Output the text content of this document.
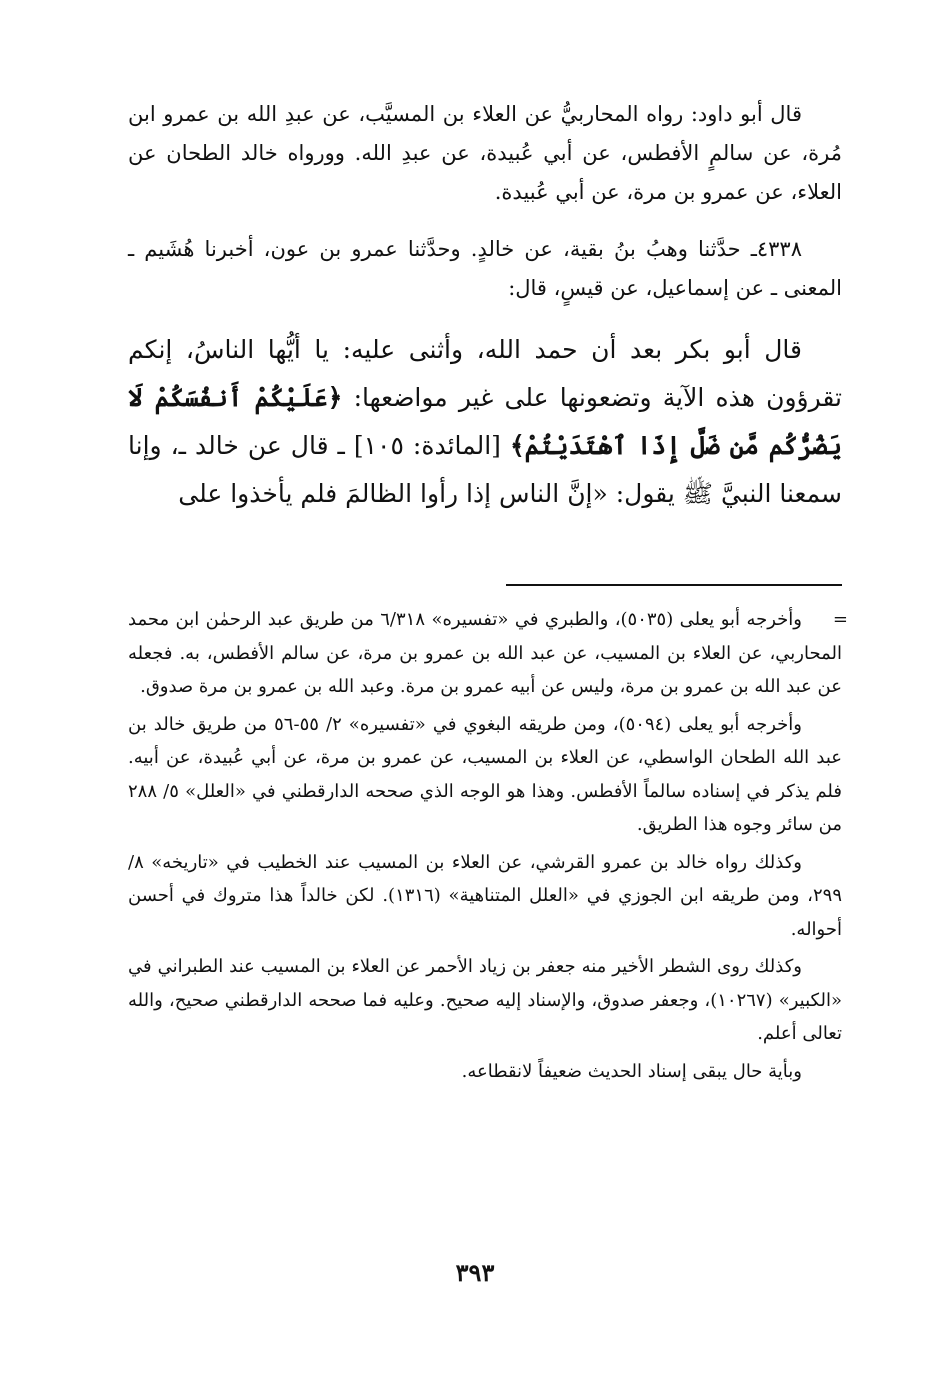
قال أبو داود: رواه المحاربيُّ عن العلاء بن المسيَّب، عن عبدِ الله بن عمرو ابن مُرة، عن سالمٍ الأفطس، عن أبي عُبيدة، عن عبدِ الله. وورواه خالد الطحان عن العلاء، عن عمرو بن مرة، عن أبي عُبيدة.

٤٣٣٨ـ حدَّثنا وهبُ بنُ بقية، عن خالدٍ. وحدَّثنا عمرو بن عون، أخبرنا هُشَيم ـ المعنى ـ عن إسماعيل، عن قيسٍ، قال:

قال أبو بكر بعد أن حمد الله، وأثنى عليه: يا أيُّها الناسُ، إنكم تقرؤون هذه الآية وتضعونها على غير مواضعها: ﴿عَلَيْكُمْ أَنفُسَكُمْ لَا يَضُرُّكُم مَّن ضَلَّ إِذَا ٱهْتَدَيْتُمْ﴾ [المائدة: ١٠٥] ـ قال عن خالد ـ، وإنا سمعنا النبيَّ ﷺ يقول: «إنَّ الناس إذا رأوا الظالمَ فلم يأخذوا على

=
وأخرجه أبو يعلى (٥٠٣٥)، والطبري في «تفسيره» ٦/٣١٨ من طريق عبد الرحمٰن ابن محمد المحاربي، عن العلاء بن المسيب، عن عبد الله بن عمرو بن مرة، عن سالم الأفطس، به. فجعله عن عبد الله بن عمرو بن مرة، وليس عن أبيه عمرو بن مرة. وعبد الله بن عمرو بن مرة صدوق.

وأخرجه أبو يعلى (٥٠٩٤)، ومن طريقه البغوي في «تفسيره» ٢/ ٥٥-٥٦ من طريق خالد بن عبد الله الطحان الواسطي، عن العلاء بن المسيب، عن عمرو بن مرة، عن أبي عُبيدة، عن أبيه. فلم يذكر في إسناده سالماً الأفطس. وهذا هو الوجه الذي صححه الدارقطني في «العلل» ٥/ ٢٨٨ من سائر وجوه هذا الطريق.

وكذلك رواه خالد بن عمرو القرشي، عن العلاء بن المسيب عند الخطيب في «تاريخه» ٨/ ٢٩٩، ومن طريقه ابن الجوزي في «العلل المتناهية» (١٣١٦). لكن خالداً هذا متروك في أحسن أحواله.

وكذلك روى الشطر الأخير منه جعفر بن زياد الأحمر عن العلاء بن المسيب عند الطبراني في «الكبير» (١٠٢٦٧)، وجعفر صدوق، والإسناد إليه صحيح. وعليه فما صححه الدارقطني صحيح، والله تعالى أعلم.

وبأية حال يبقى إسناد الحديث ضعيفاً لانقطاعه.

٣٩٣
